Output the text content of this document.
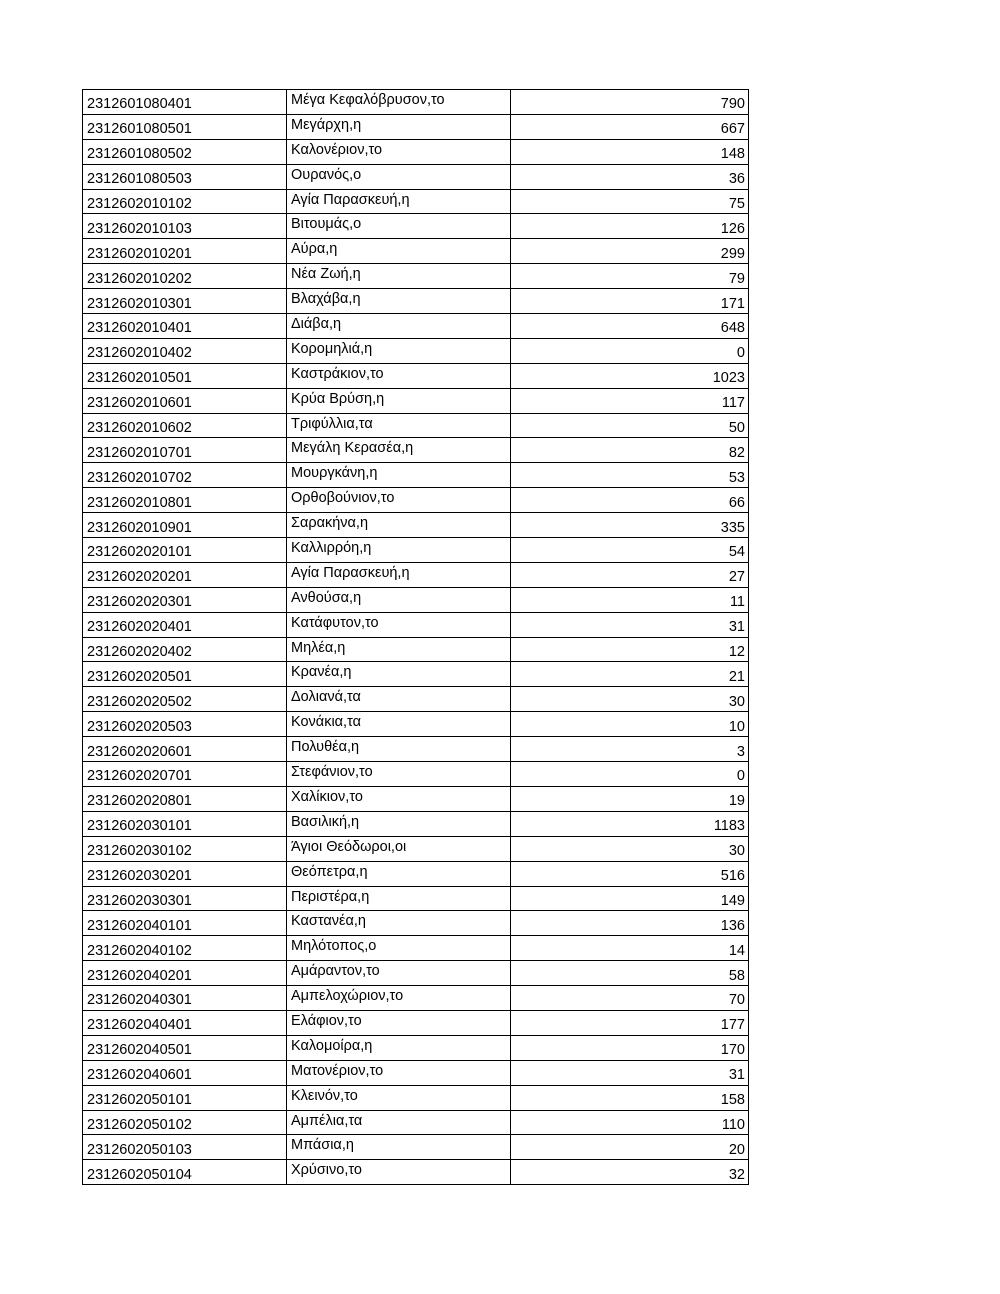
2312601080401	Μέγα Κεφαλόβρυσον,το	790
2312601080501	Μεγάρχη,η	667
2312601080502	Καλονέριον,το	148
2312601080503	Ουρανός,ο	36
2312602010102	Αγία Παρασκευή,η	75
2312602010103	Βιτουμάς,ο	126
2312602010201	Αύρα,η	299
2312602010202	Νέα Ζωή,η	79
2312602010301	Βλαχάβα,η	171
2312602010401	Διάβα,η	648
2312602010402	Κορομηλιά,η	0
2312602010501	Καστράκιον,το	1023
2312602010601	Κρύα Βρύση,η	117
2312602010602	Τριφύλλια,τα	50
2312602010701	Μεγάλη Κερασέα,η	82
2312602010702	Μουργκάνη,η	53
2312602010801	Ορθοβούνιον,το	66
2312602010901	Σαρακήνα,η	335
2312602020101	Καλλιρρόη,η	54
2312602020201	Αγία Παρασκευή,η	27
2312602020301	Ανθούσα,η	11
2312602020401	Κατάφυτον,το	31
2312602020402	Μηλέα,η	12
2312602020501	Κρανέα,η	21
2312602020502	Δολιανά,τα	30
2312602020503	Κονάκια,τα	10
2312602020601	Πολυθέα,η	3
2312602020701	Στεφάνιον,το	0
2312602020801	Χαλίκιον,το	19
2312602030101	Βασιλική,η	1183
2312602030102	Άγιοι Θεόδωροι,οι	30
2312602030201	Θεόπετρα,η	516
2312602030301	Περιστέρα,η	149
2312602040101	Καστανέα,η	136
2312602040102	Μηλότοπος,ο	14
2312602040201	Αμάραντον,το	58
2312602040301	Αμπελοχώριον,το	70
2312602040401	Ελάφιον,το	177
2312602040501	Καλομοίρα,η	170
2312602040601	Ματονέριον,το	31
2312602050101	Κλεινόν,το	158
2312602050102	Αμπέλια,τα	110
2312602050103	Μπάσια,η	20
2312602050104	Χρύσινο,το	32
